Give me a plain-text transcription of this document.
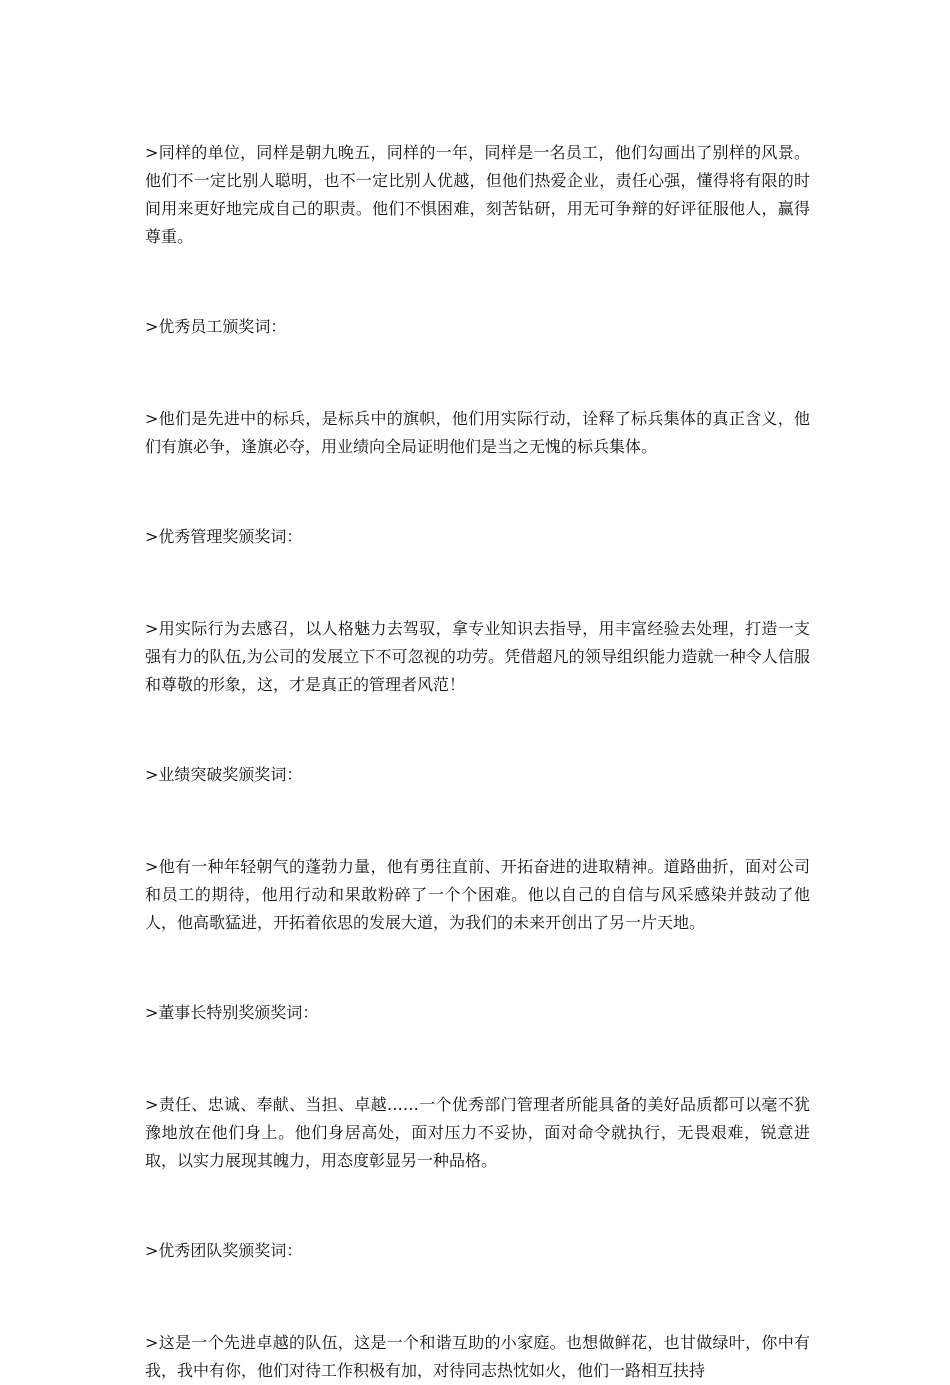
>同样的单位，同样是朝九晚五，同样的一年，同样是一名员工，他们勾画出了别样的风景。他们不一定比别人聪明，也不一定比别人优越，但他们热爱企业，责任心强，懂得将有限的时间用来更好地完成自己的职责。他们不惧困难，刻苦钻研，用无可争辩的好评征服他人，赢得尊重。

>优秀员工颁奖词：

>他们是先进中的标兵，是标兵中的旗帜，他们用实际行动，诠释了标兵集体的真正含义，他们有旗必争，逢旗必夺，用业绩向全局证明他们是当之无愧的标兵集体。

>优秀管理奖颁奖词：

>用实际行为去感召，以人格魅力去驾驭，拿专业知识去指导，用丰富经验去处理，打造一支强有力的队伍,为公司的发展立下不可忽视的功劳。凭借超凡的领导组织能力造就一种令人信服和尊敬的形象，这，才是真正的管理者风范！

>业绩突破奖颁奖词：

>他有一种年轻朝气的蓬勃力量，他有勇往直前、开拓奋进的进取精神。道路曲折，面对公司和员工的期待，他用行动和果敢粉碎了一个个困难。他以自己的自信与风采感染并鼓动了他人，他高歌猛进，开拓着依思的发展大道，为我们的未来开创出了另一片天地。

>董事长特别奖颁奖词：

>责任、忠诚、奉献、当担、卓越……一个优秀部门管理者所能具备的美好品质都可以毫不犹豫地放在他们身上。他们身居高处，面对压力不妥协，面对命令就执行，无畏艰难，锐意进取，以实力展现其魄力，用态度彰显另一种品格。

>优秀团队奖颁奖词：

>这是一个先进卓越的队伍，这是一个和谐互助的小家庭。也想做鲜花，也甘做绿叶，你中有我，我中有你，他们对待工作积极有加，对待同志热忱如火，他们一路相互扶持
